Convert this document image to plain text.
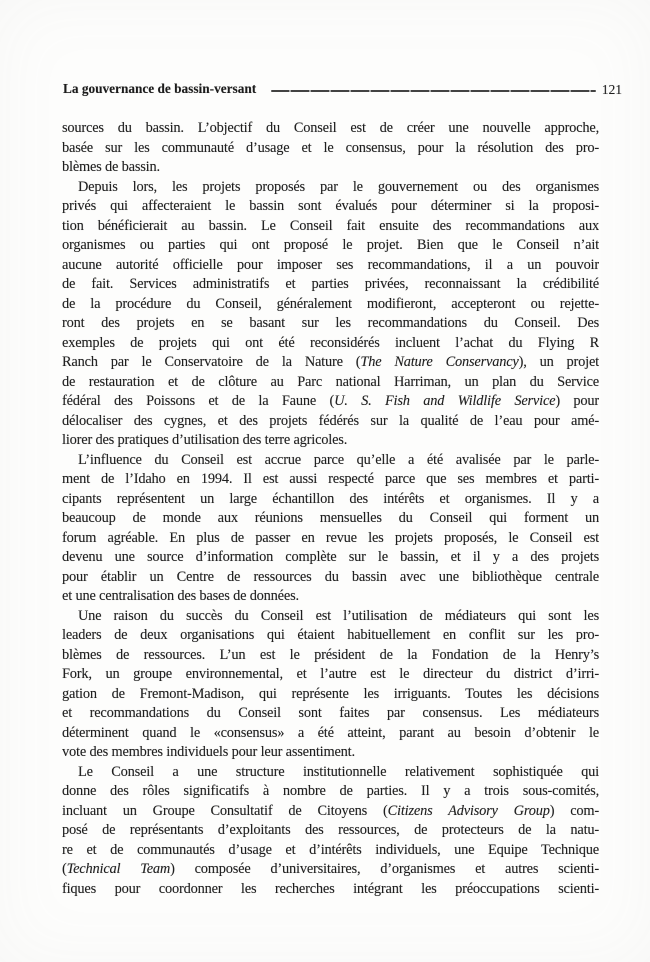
La gouvernance de bassin-versant	121
sources du bassin. L’objectif du Conseil est de créer une nouvelle approche,
basée sur les communauté d’usage et le consensus, pour la résolution des pro-
blèmes de bassin.
Depuis lors, les projets proposés par le gouvernement ou des organismes
privés qui affecteraient le bassin sont évalués pour déterminer si la proposi-
tion bénéficierait au bassin. Le Conseil fait ensuite des recommandations aux
organismes ou parties qui ont proposé le projet. Bien que le Conseil n’ait
aucune autorité officielle pour imposer ses recommandations, il a un pouvoir
de fait. Services administratifs et parties privées, reconnaissant la crédibilité
de la procédure du Conseil, généralement modifieront, accepteront ou rejette-
ront des projets en se basant sur les recommandations du Conseil. Des
exemples de projets qui ont été reconsidérés incluent l’achat du Flying R
Ranch par le Conservatoire de la Nature (The Nature Conservancy), un projet
de restauration et de clôture au Parc national Harriman, un plan du Service
fédéral des Poissons et de la Faune (U. S. Fish and Wildlife Service) pour
délocaliser des cygnes, et des projets fédérés sur la qualité de l’eau pour amé-
liorer des pratiques d’utilisation des terre agricoles.
L’influence du Conseil est accrue parce qu’elle a été avalisée par le parle-
ment de l’Idaho en 1994. Il est aussi respecté parce que ses membres et parti-
cipants représentent un large échantillon des intérêts et organismes. Il y a
beaucoup de monde aux réunions mensuelles du Conseil qui forment un
forum agréable. En plus de passer en revue les projets proposés, le Conseil est
devenu une source d’information complète sur le bassin, et il y a des projets
pour établir un Centre de ressources du bassin avec une bibliothèque centrale
et une centralisation des bases de données.
Une raison du succès du Conseil est l’utilisation de médiateurs qui sont les
leaders de deux organisations qui étaient habituellement en conflit sur les pro-
blèmes de ressources. L’un est le président de la Fondation de la Henry’s
Fork, un groupe environnemental, et l’autre est le directeur du district d’irri-
gation de Fremont-Madison, qui représente les irriguants. Toutes les décisions
et recommandations du Conseil sont faites par consensus. Les médiateurs
déterminent quand le «consensus» a été atteint, parant au besoin d’obtenir le
vote des membres individuels pour leur assentiment.
Le Conseil a une structure institutionnelle relativement sophistiquée qui
donne des rôles significatifs à nombre de parties. Il y a trois sous-comités,
incluant un Groupe Consultatif de Citoyens (Citizens Advisory Group) com-
posé de représentants d’exploitants des ressources, de protecteurs de la natu-
re et de communautés d’usage et d’intérêts individuels, une Equipe Technique
(Technical Team) composée d’universitaires, d’organismes et autres scienti-
fiques pour coordonner les recherches intégrant les préoccupations scienti-
